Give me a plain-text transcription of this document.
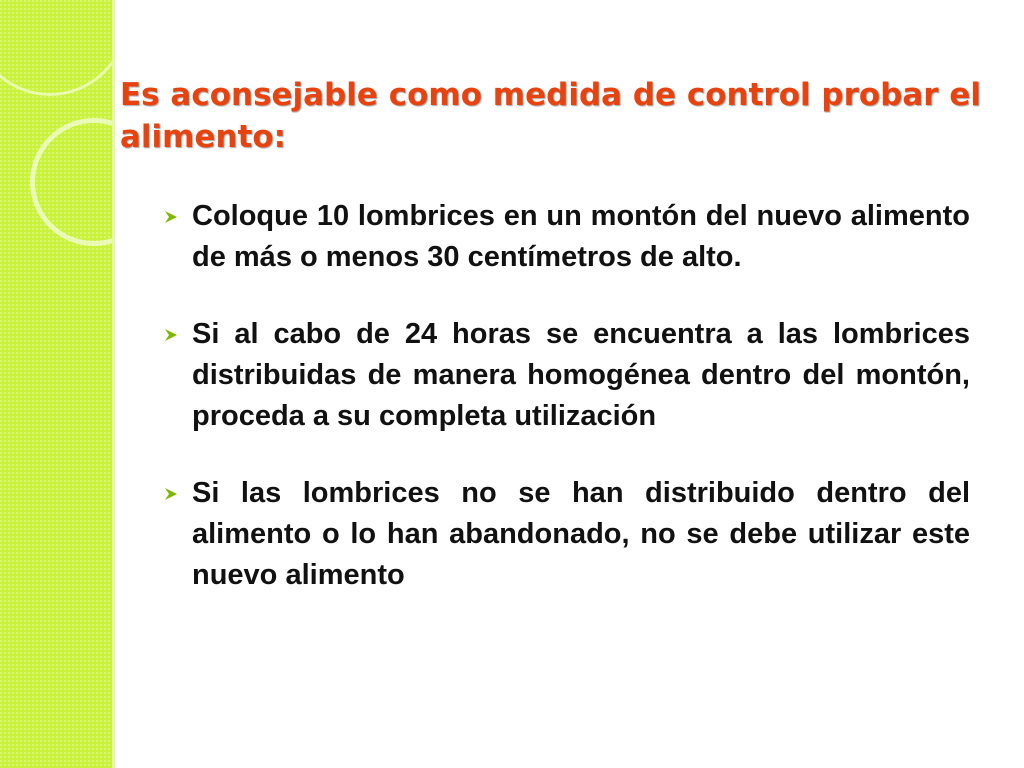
Es aconsejable como medida de control probar el alimento:
Coloque 10 lombrices en un montón del nuevo alimento de más o menos 30 centímetros de alto.
Si al cabo de 24 horas se encuentra a las lombrices distribuidas de manera homogénea dentro del montón, proceda a su completa utilización
Si las lombrices no se han distribuido dentro del alimento o lo han abandonado, no se debe utilizar este nuevo alimento
